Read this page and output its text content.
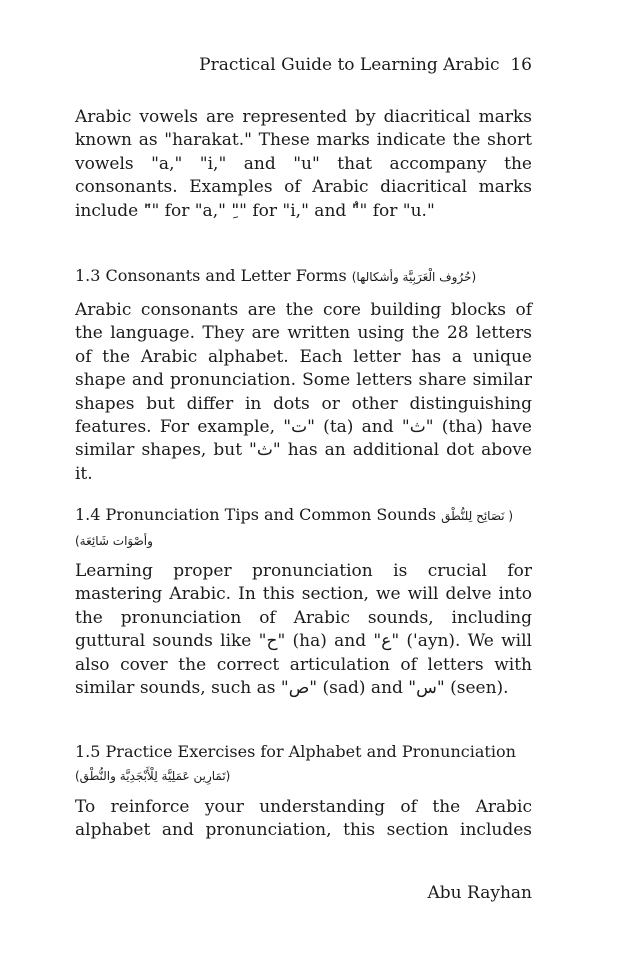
Practical Guide to Learning Arabic 16

Arabic vowels are represented by diacritical marks known as "harakat." These marks indicate the short vowels "a," "i," and "u" that accompany the consonants. Examples of Arabic diacritical marks include "َ" for "a," "ِ" for "i," and "ُ" for "u."

1.3 Consonants and Letter Forms (حُرُوف الْعَرَبِيَّة وأشكالها)

Arabic consonants are the core building blocks of the language. They are written using the 28 letters of the Arabic alphabet. Each letter has a unique shape and pronunciation. Some letters share similar shapes but differ in dots or other distinguishing features. For example, "ت" (ta) and "ث" (tha) have similar shapes, but "ث" has an additional dot above it.

1.4 Pronunciation Tips and Common Sounds ( نَصَائِح لِلنُّطْق وأصْوَات شَائِعَة)

Learning proper pronunciation is crucial for mastering Arabic. In this section, we will delve into the pronunciation of Arabic sounds, including guttural sounds like "ح" (ha) and "ع" ('ayn). We will also cover the correct articulation of letters with similar sounds, such as "ص" (sad) and "س" (seen).

1.5 Practice Exercises for Alphabet and Pronunciation (تَمَارِين عَمَلِيَّة لِلْأَبْجَدِيَّة والنُّطْق)

To reinforce your understanding of the Arabic alphabet and pronunciation, this section includes

Abu Rayhan
